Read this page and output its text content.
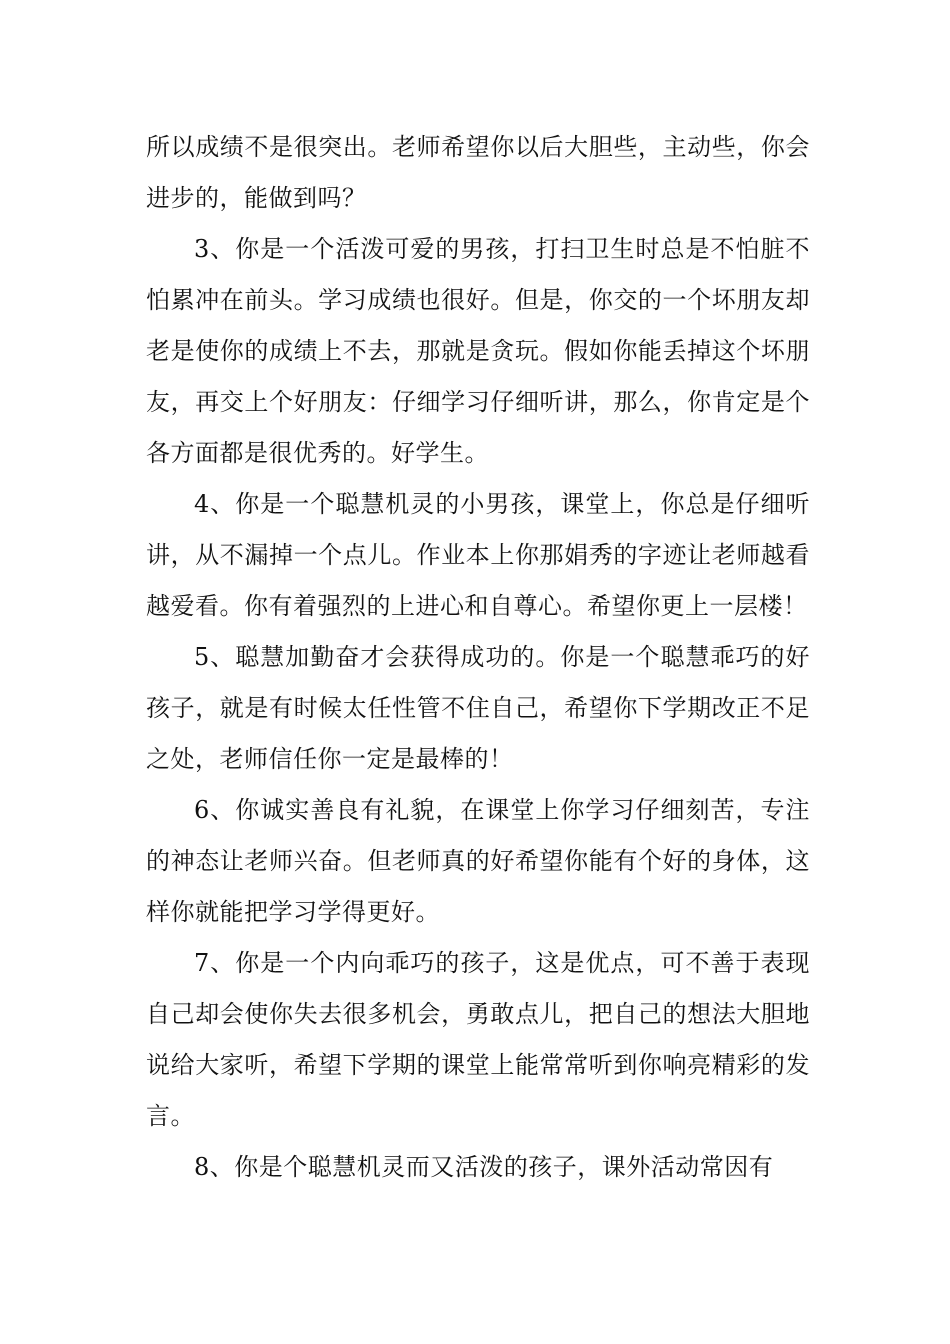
所以成绩不是很突出。老师希望你以后大胆些，主动些，你会进步的，能做到吗？

3、你是一个活泼可爱的男孩，打扫卫生时总是不怕脏不怕累冲在前头。学习成绩也很好。但是，你交的一个坏朋友却老是使你的成绩上不去，那就是贪玩。假如你能丢掉这个坏朋友，再交上个好朋友：仔细学习仔细听讲，那么，你肯定是个各方面都是很优秀的。好学生。

4、你是一个聪慧机灵的小男孩，课堂上，你总是仔细听讲，从不漏掉一个点儿。作业本上你那娟秀的字迹让老师越看越爱看。你有着强烈的上进心和自尊心。希望你更上一层楼！

5、聪慧加勤奋才会获得成功的。你是一个聪慧乖巧的好孩子，就是有时候太任性管不住自己，希望你下学期改正不足之处，老师信任你一定是最棒的！

6、你诚实善良有礼貌，在课堂上你学习仔细刻苦，专注的神态让老师兴奋。但老师真的好希望你能有个好的身体，这样你就能把学习学得更好。

7、你是一个内向乖巧的孩子，这是优点，可不善于表现自己却会使你失去很多机会，勇敢点儿，把自己的想法大胆地说给大家听，希望下学期的课堂上能常常听到你响亮精彩的发言。

8、你是个聪慧机灵而又活泼的孩子，课外活动常因有
